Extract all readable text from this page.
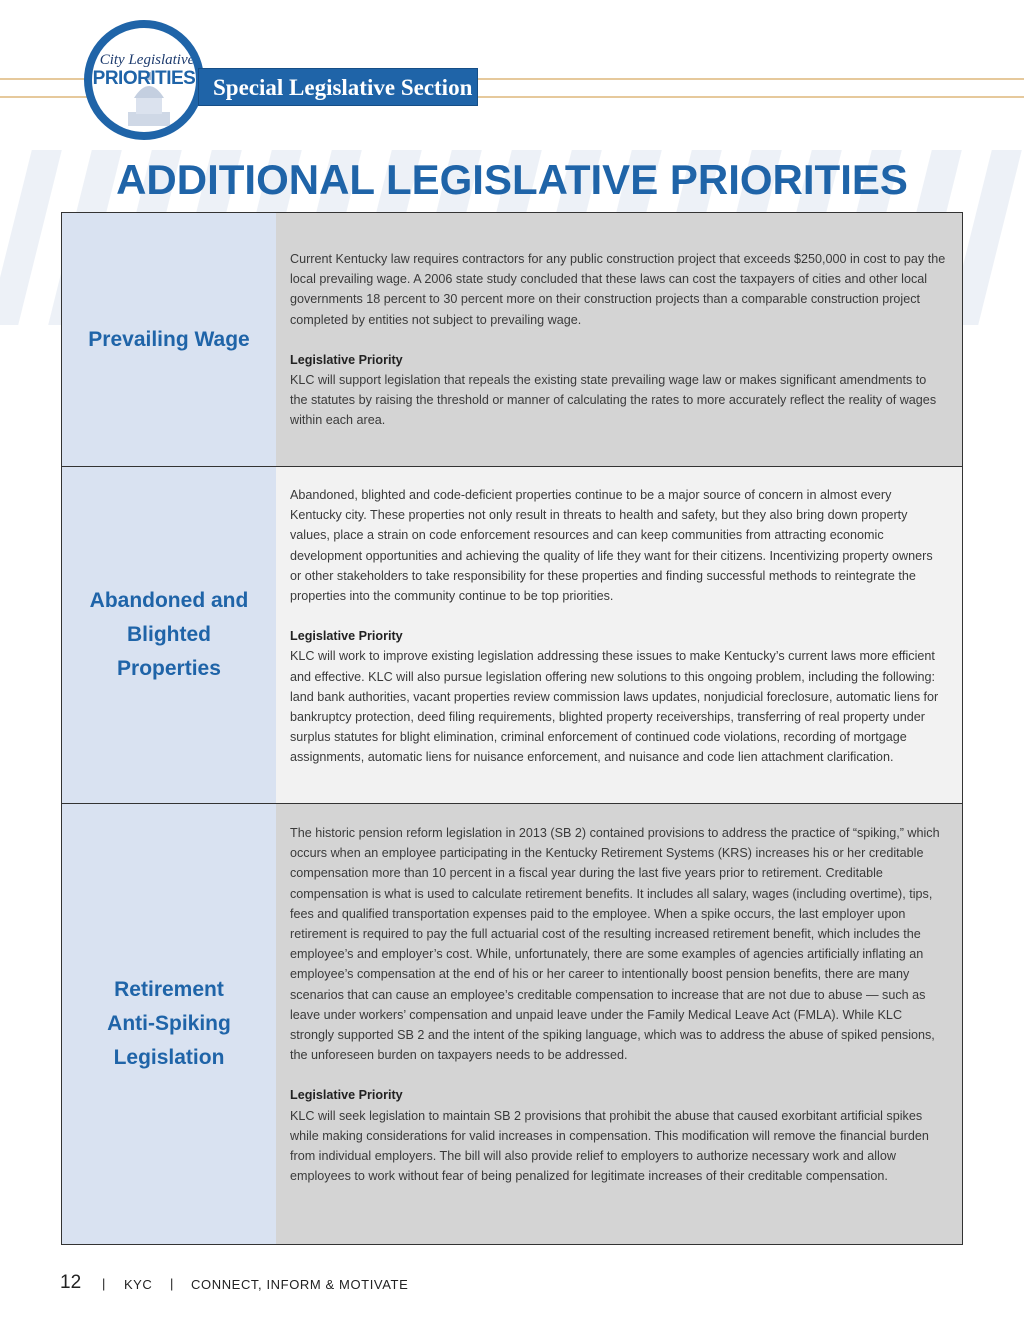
City Legislative
PRIORITIES Special Legislative Section
ADDITIONAL LEGISLATIVE PRIORITIES
Prevailing Wage

Current Kentucky law requires contractors for any public construction project that exceeds $250,000 in cost to pay the local prevailing wage. A 2006 state study concluded that these laws can cost the taxpayers of cities and other local governments 18 percent to 30 percent more on their construction projects than a comparable construction project completed by entities not subject to prevailing wage.

Legislative Priority

KLC will support legislation that repeals the existing state prevailing wage law or makes significant amendments to the statutes by raising the threshold or manner of calculating the rates to more accurately reflect the reality of wages within each area.

Abandoned and
Blighted
Properties

Abandoned, blighted and code-deficient properties continue to be a major source of concern in almost every Kentucky city. These properties not only result in threats to health and safety, but they also bring down property values, place a strain on code enforcement resources and can keep communities from attracting economic development opportunities and achieving the quality of life they want for their citizens. Incentivizing property owners or other stakeholders to take responsibility for these properties and finding successful methods to reintegrate the properties into the community continue to be top priorities.

Legislative Priority

KLC will work to improve existing legislation addressing these issues to make Kentucky’s current laws more efficient and effective. KLC will also pursue legislation offering new solutions to this ongoing problem, including the following: land bank authorities, vacant properties review commission laws updates, nonjudicial foreclosure, automatic liens for bankruptcy protection, deed filing requirements, blighted property receiverships, transferring of real property under surplus statutes for blight elimination, criminal enforcement of continued code violations, recording of mortgage assignments, automatic liens for nuisance enforcement, and nuisance and code lien attachment clarification.

Retirement
Anti-Spiking
Legislation

The historic pension reform legislation in 2013 (SB 2) contained provisions to address the practice of “spiking,” which occurs when an employee participating in the Kentucky Retirement Systems (KRS) increases his or her creditable compensation more than 10 percent in a fiscal year during the last five years prior to retirement. Creditable compensation is what is used to calculate retirement benefits. It includes all salary, wages (including overtime), tips, fees and qualified transportation expenses paid to the employee. When a spike occurs, the last employer upon retirement is required to pay the full actuarial cost of the resulting increased retirement benefit, which includes the employee’s and employer’s cost. While, unfortunately, there are some examples of agencies artificially inflating an employee’s compensation at the end of his or her career to intentionally boost pension benefits, there are many scenarios that can cause an employee’s creditable compensation to increase that are not due to abuse — such as leave under workers’ compensation and unpaid leave under the Family Medical Leave Act (FMLA). While KLC strongly supported SB 2 and the intent of the spiking language, which was to address the abuse of spiked pensions, the unforeseen burden on taxpayers needs to be addressed.

Legislative Priority

KLC will seek legislation to maintain SB 2 provisions that prohibit the abuse that caused exorbitant artificial spikes while making considerations for valid increases in compensation. This modification will remove the financial burden from individual employers. The bill will also provide relief to employers to authorize necessary work and allow employees to work without fear of being penalized for legitimate increases of their creditable compensation.

12 | KYC | CONNECT, INFORM & MOTIVATE
